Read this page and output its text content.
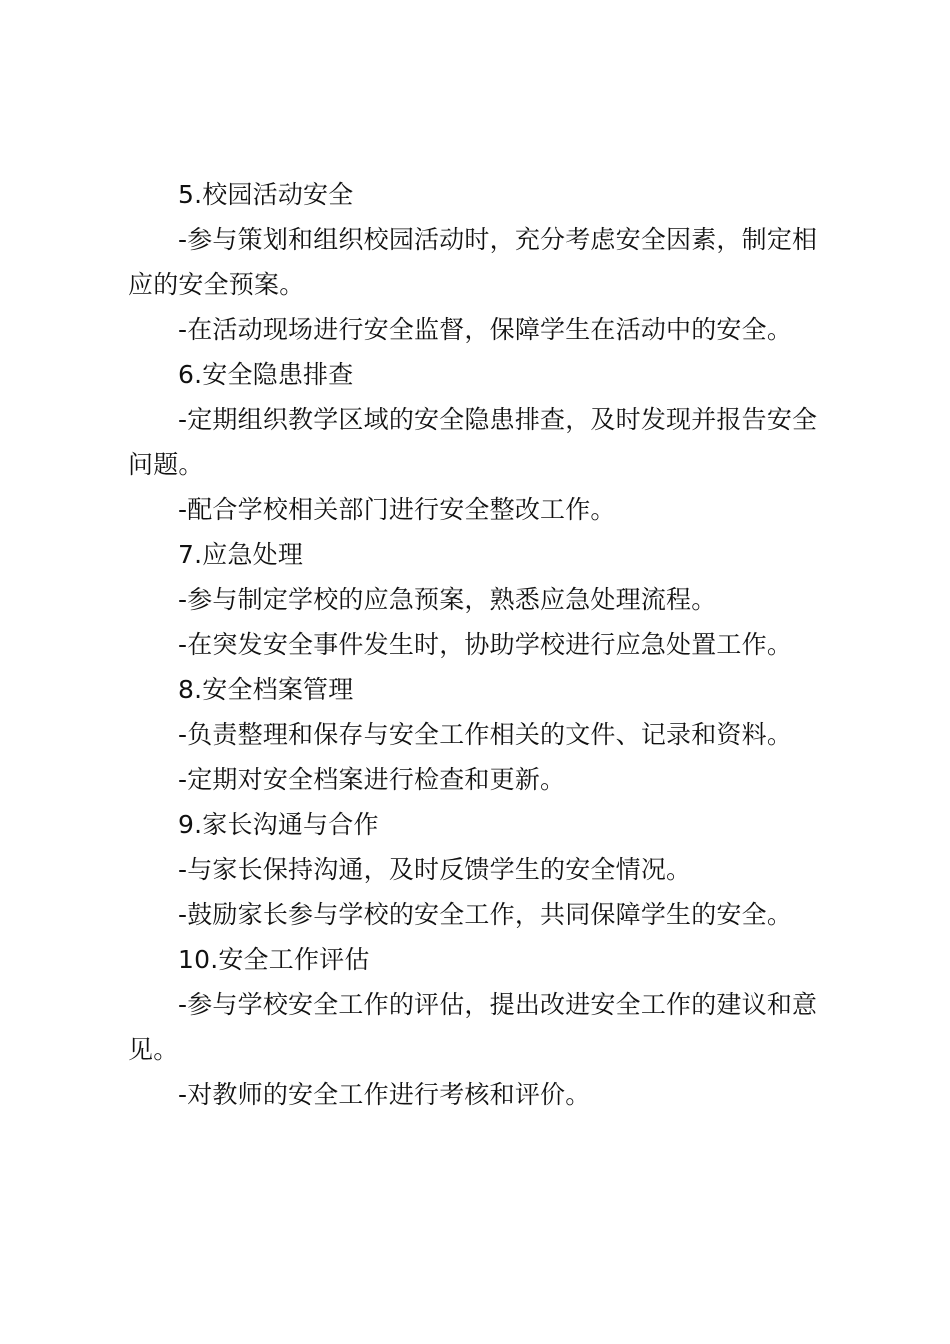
5.校园活动安全

-参与策划和组织校园活动时，充分考虑安全因素，制定相应的安全预案。

-在活动现场进行安全监督，保障学生在活动中的安全。

6.安全隐患排查

-定期组织教学区域的安全隐患排查，及时发现并报告安全问题。

-配合学校相关部门进行安全整改工作。

7.应急处理

-参与制定学校的应急预案，熟悉应急处理流程。

-在突发安全事件发生时，协助学校进行应急处置工作。

8.安全档案管理

-负责整理和保存与安全工作相关的文件、记录和资料。

-定期对安全档案进行检查和更新。

9.家长沟通与合作

-与家长保持沟通，及时反馈学生的安全情况。

-鼓励家长参与学校的安全工作，共同保障学生的安全。

10.安全工作评估

-参与学校安全工作的评估，提出改进安全工作的建议和意见。

-对教师的安全工作进行考核和评价。
